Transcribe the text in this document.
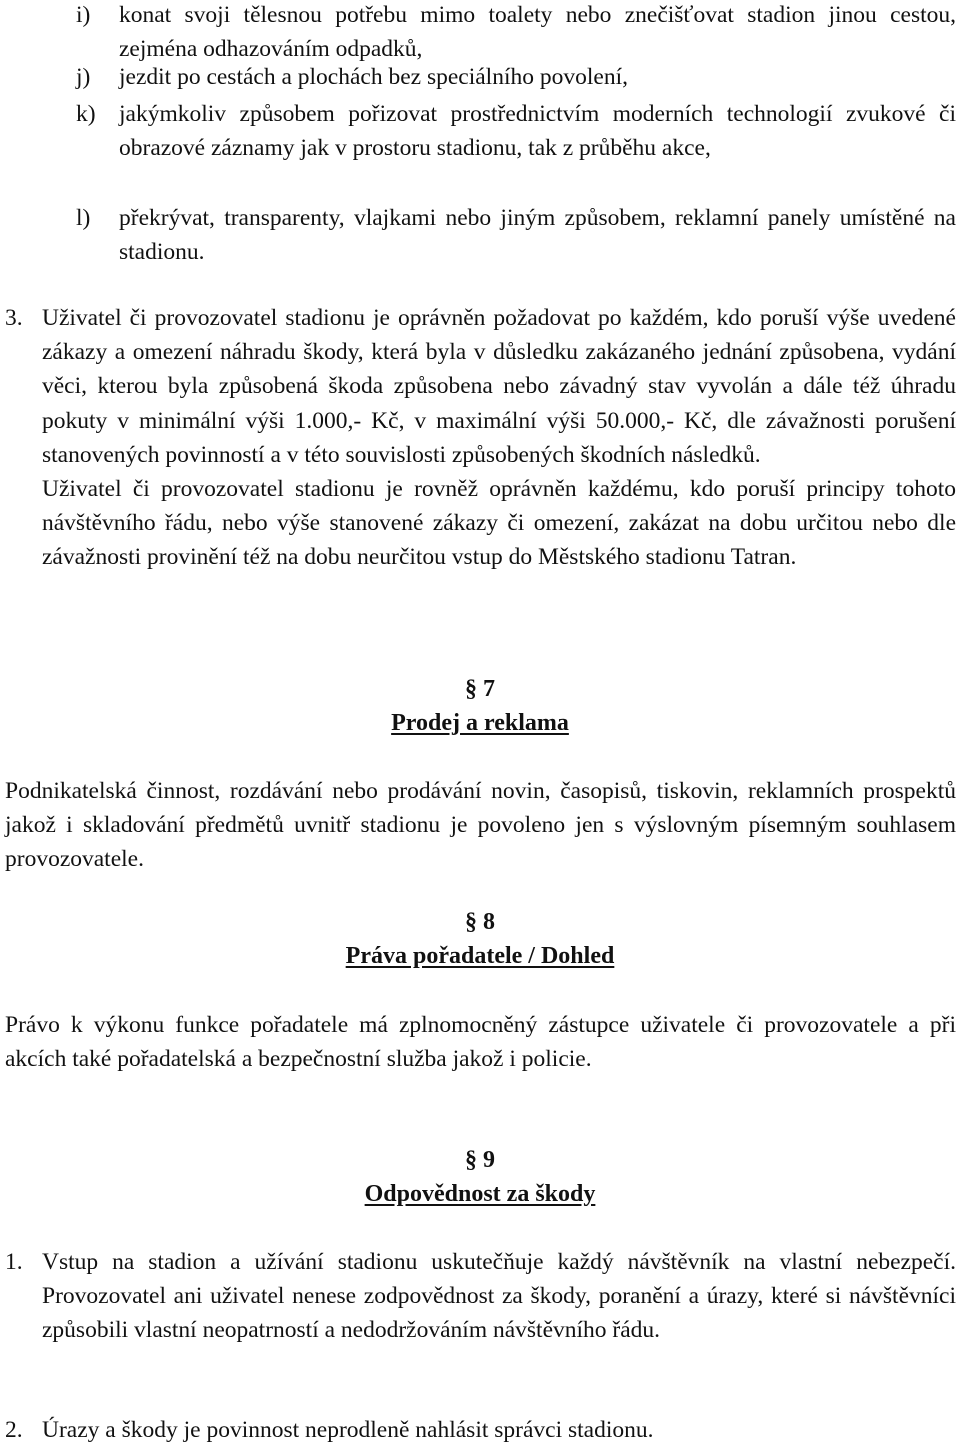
i) konat svoji tělesnou potřebu mimo toalety nebo znečišťovat stadion jinou cestou, zejména odhazováním odpadků,
j) jezdit po cestách a plochách bez speciálního povolení,
k) jakýmkoliv způsobem pořizovat prostřednictvím moderních technologií zvukové či obrazové záznamy jak v prostoru stadionu, tak z průběhu akce,
l) překrývat, transparenty, vlajkami nebo jiným způsobem, reklamní panely umístěné na stadionu.
3. Uživatel či provozovatel stadionu je oprávněn požadovat po každém, kdo poruší výše uvedené zákazy a omezení náhradu škody, která byla v důsledku zakázaného jednání způsobena, vydání věci, kterou byla způsobená škoda způsobena nebo závadný stav vyvolán a dále též úhradu pokuty v minimální výši 1.000,- Kč, v maximální výši 50.000,- Kč, dle závažnosti porušení stanovených povinností a v této souvislosti způsobených škodních následků.
Uživatel či provozovatel stadionu je rovněž oprávněn každému, kdo poruší principy tohoto návštěvního řádu, nebo výše stanovené zákazy či omezení, zakázat na dobu určitou nebo dle závažnosti provinění též na dobu neurčitou vstup do Městského stadionu Tatran.
§ 7
Prodej a reklama
Podnikatelská činnost, rozdávání nebo prodávání novin, časopisů, tiskovin, reklamních prospektů jakož i skladování předmětů uvnitř stadionu je povoleno jen s výslovným písemným souhlasem provozovatele.
§ 8
Práva pořadatele / Dohled
Právo k výkonu funkce pořadatele má zplnomocněný zástupce uživatele či provozovatele a při akcích také pořadatelská a bezpečnostní služba jakož i policie.
§ 9
Odpovědnost za škody
1. Vstup na stadion a užívání stadionu uskutečňuje každý návštěvník na vlastní nebezpečí. Provozovatel ani uživatel nenese zodpovědnost za škody, poranění a úrazy, které si návštěvníci způsobili vlastní neopatrností a nedodržováním návštěvního řádu.
2. Úrazy a škody je povinnost neprodleně nahlásit správci stadionu.
